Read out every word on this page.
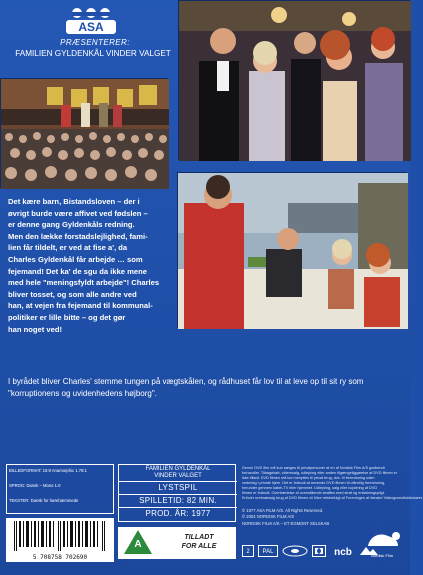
ASA
PRÆSENTERER:
FAMILIEN GYLDENKÅL VINDER VALGET
Det kære barn, Bistandsloven – der i
øvrigt burde være affivet ved fødslen –
er denne gang Gyldenkåls redning.
Men den lække forstadslejlighed, fami-
lien får tildelt, er ved at fise a', da
Charles Gyldenkål får arbejde … som
fejemand! Det ka' de sgu da ikke mene
med hele "meningsfyldt arbejde"! Charles
bliver tosset, og som alle andre ved
han, at vejen fra fejemand til kommunal-
politiker er lille bitte – og det gør
han noget ved!
I byrådet bliver Charles' stemme tungen på vægtskålen, og rådhuset får lov til at leve op til sit ry som
"korruptionens og uvidenhedens højborg".
BILLEDFORMAT: 16:9 Anamorphic 1.78:1
SPROG: Dansk – Mono 1.0
TEKSTER: Dansk for hørehæmmede
5 708758 702690
FAMILIEN GYLDENKÅL
VINDER VALGET
LYSTSPIL
SPILLETID: 82 MIN.
PROD. ÅR: 1977
A
TILLADT
FOR ALLE
Denne DVD film må kun sælges til privatpersoner af en af Nordisk Film A/S godkendt
forhandler. Tilbagekøb, videresalg, udlejning eller anden tilgængeliggørelse af DVD filmen er
ikke tilladt. DVD filmen må kun benyttes til privat brug, dvs. til fremvisning uden
vederlag i private hjem. Det er forbudt at anvende DVD filmen til offentlig fremvisning,
herunder gennem kabel-TV eller hjemmet. Udlejning, salg eller kopiering af DVD
filmen er forbudt. Overtrædelse af ovenstående straffes med straf og erstatningspligt.
Enhver uretmæssig brug af DVD filmen vil blive retsforfulgt af Foreningen af danske Videogramdistributører.
© 1977 ASA FILM A/S. All Rights Reserved.
© 2004 NORDISK FILM A/S
NORDISK FILM A/S – ET EGMONT SELSKAB
2	PAL	ncb	Nordisk Film
